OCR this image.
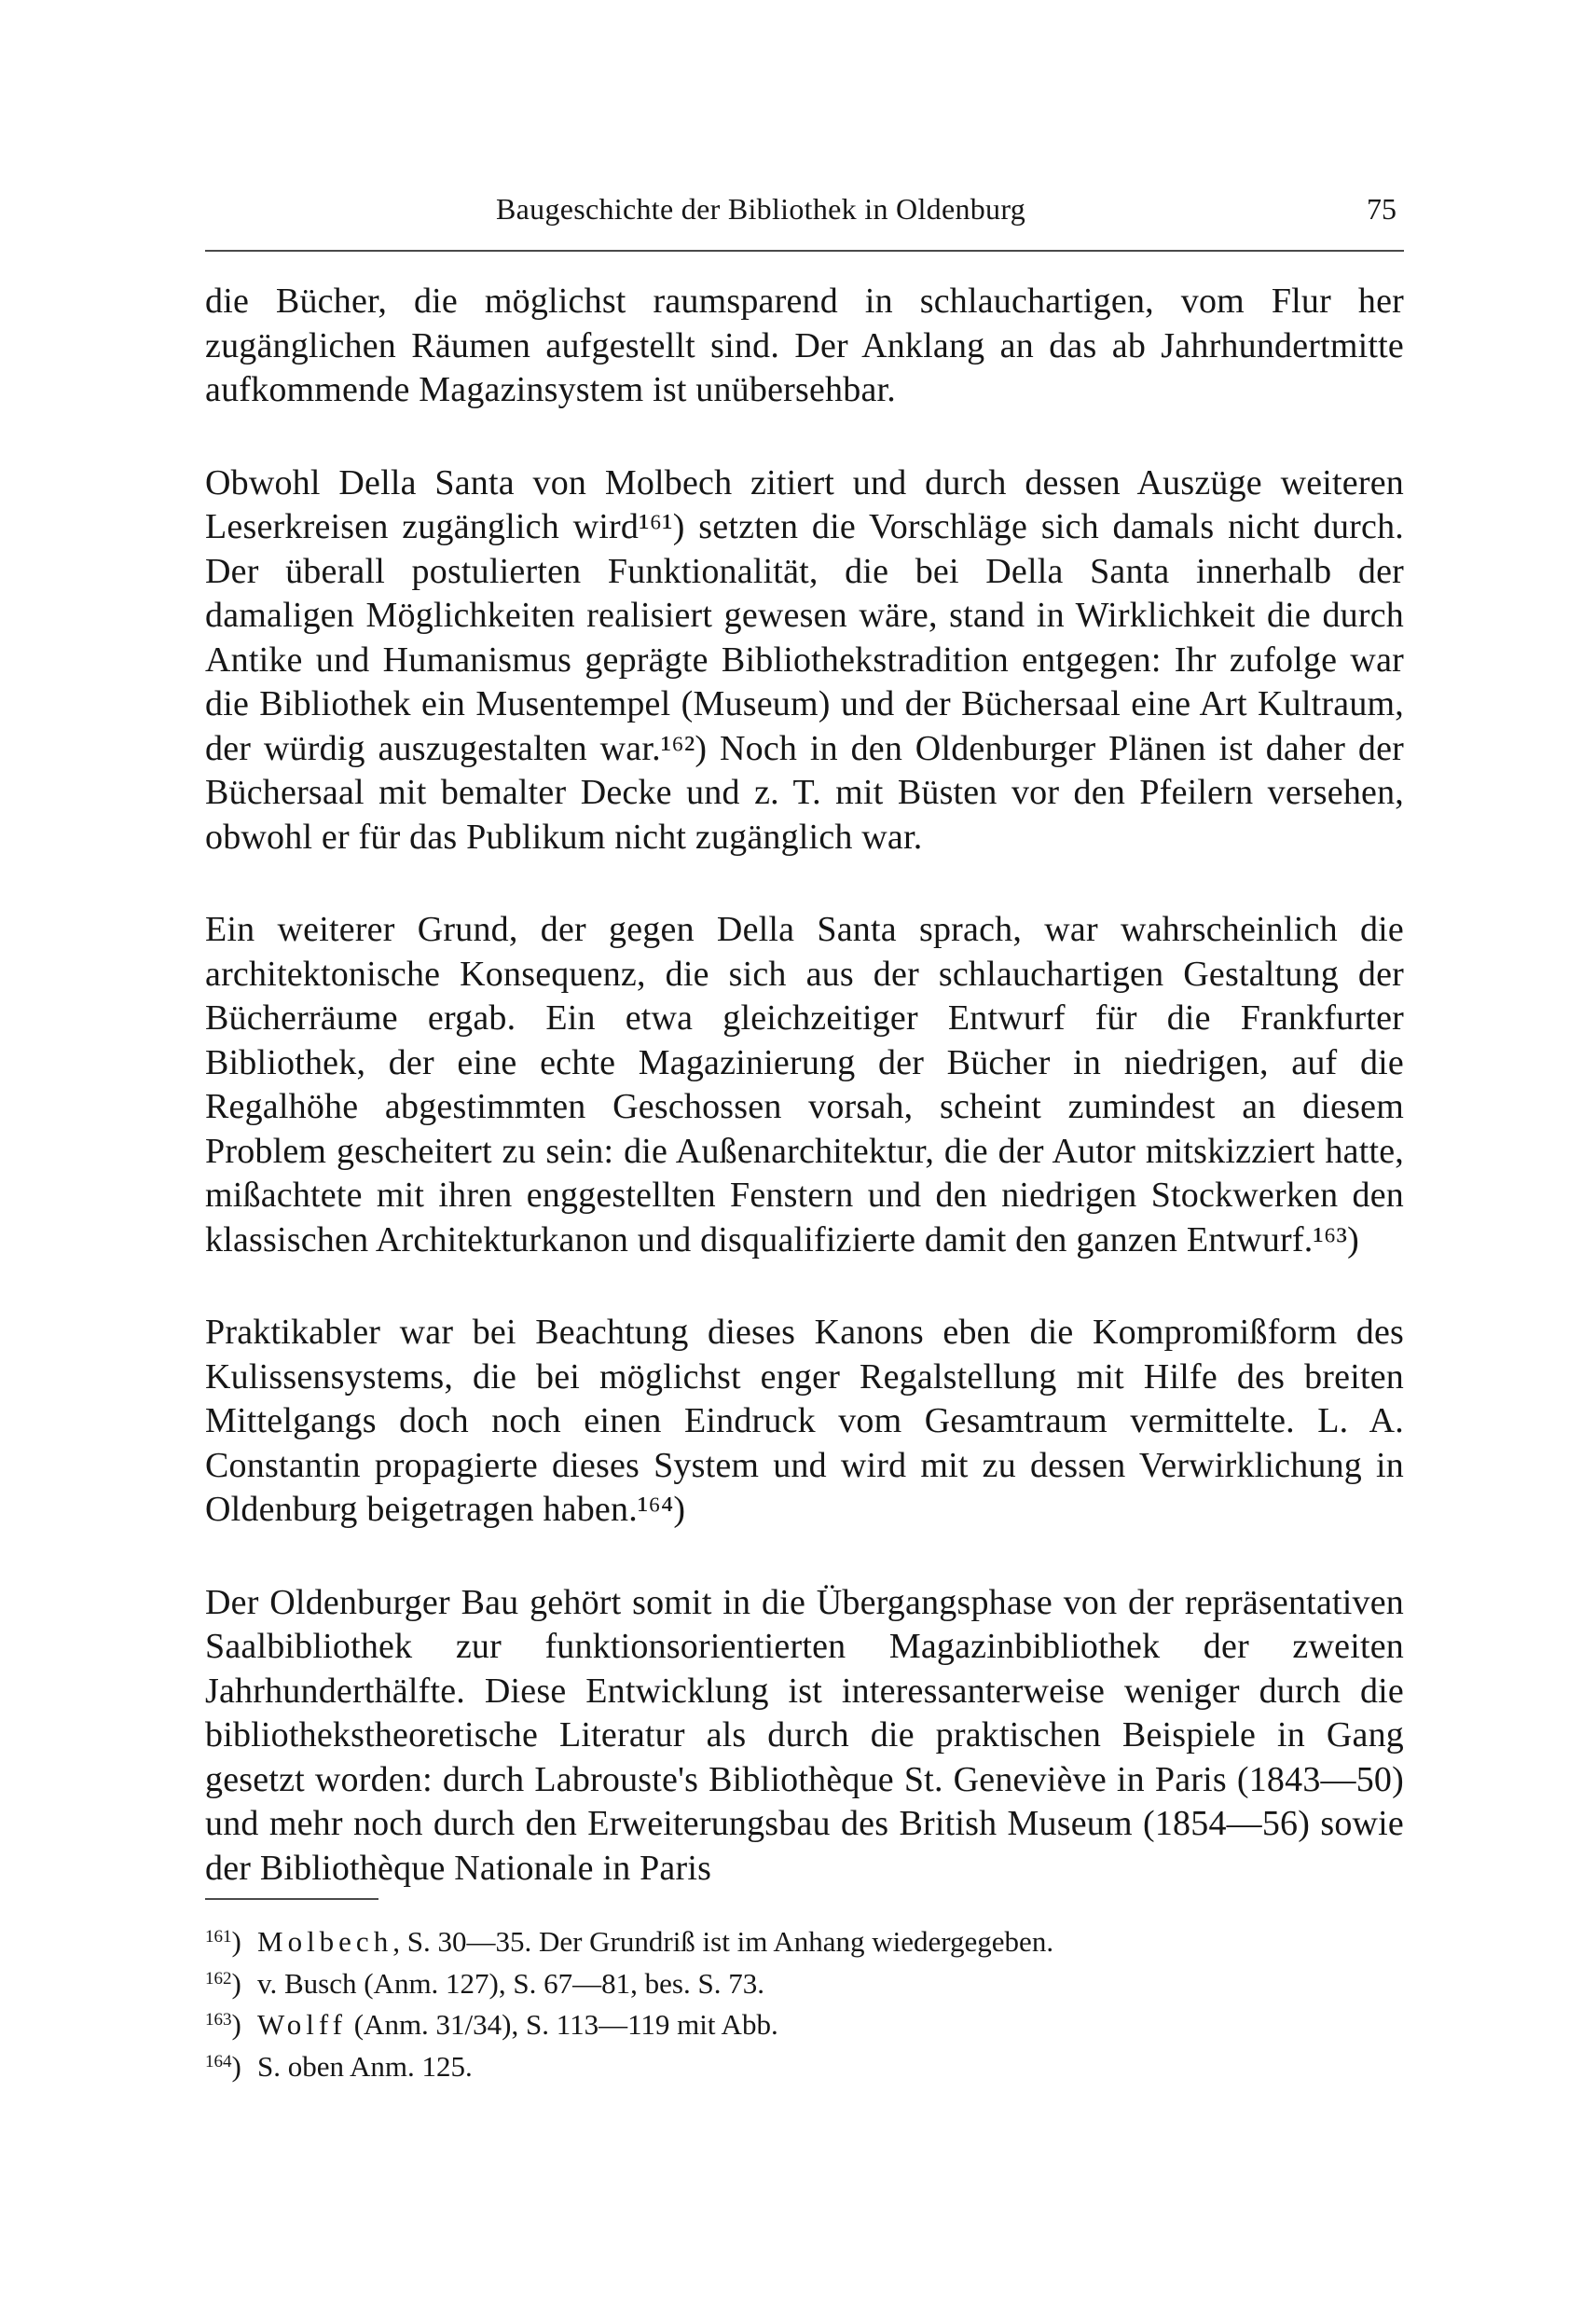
Baugeschichte der Bibliothek in Oldenburg	75

die Bücher, die möglichst raumsparend in schlauchartigen, vom Flur her zugänglichen Räumen aufgestellt sind. Der Anklang an das ab Jahrhundertmitte aufkommende Magazinsystem ist unübersehbar.

Obwohl Della Santa von Molbech zitiert und durch dessen Auszüge weiteren Leserkreisen zugänglich wird¹⁶¹) setzten die Vorschläge sich damals nicht durch. Der überall postulierten Funktionalität, die bei Della Santa innerhalb der damaligen Möglichkeiten realisiert gewesen wäre, stand in Wirklichkeit die durch Antike und Humanismus geprägte Bibliothekstradition entgegen: Ihr zufolge war die Bibliothek ein Musentempel (Museum) und der Büchersaal eine Art Kultraum, der würdig auszugestalten war.¹⁶²) Noch in den Oldenburger Plänen ist daher der Büchersaal mit bemalter Decke und z. T. mit Büsten vor den Pfeilern versehen, obwohl er für das Publikum nicht zugänglich war.

Ein weiterer Grund, der gegen Della Santa sprach, war wahrscheinlich die architektonische Konsequenz, die sich aus der schlauchartigen Gestaltung der Bücherräume ergab. Ein etwa gleichzeitiger Entwurf für die Frankfurter Bibliothek, der eine echte Magazinierung der Bücher in niedrigen, auf die Regalhöhe abgestimmten Geschossen vorsah, scheint zumindest an diesem Problem gescheitert zu sein: die Außenarchitektur, die der Autor mitskizziert hatte, mißachtete mit ihren enggestellten Fenstern und den niedrigen Stockwerken den klassischen Architekturkanon und disqualifizierte damit den ganzen Entwurf.¹⁶³)

Praktikabler war bei Beachtung dieses Kanons eben die Kompromißform des Kulissensystems, die bei möglichst enger Regalstellung mit Hilfe des breiten Mittelgangs doch noch einen Eindruck vom Gesamtraum vermittelte. L. A. Constantin propagierte dieses System und wird mit zu dessen Verwirklichung in Oldenburg beigetragen haben.¹⁶⁴)

Der Oldenburger Bau gehört somit in die Übergangsphase von der repräsentativen Saalbibliothek zur funktionsorientierten Magazinbibliothek der zweiten Jahrhunderthälfte. Diese Entwicklung ist interessanterweise weniger durch die bibliothekstheoretische Literatur als durch die praktischen Beispiele in Gang gesetzt worden: durch Labrouste's Bibliothèque St. Geneviève in Paris (1843—50) und mehr noch durch den Erweiterungsbau des British Museum (1854—56) sowie der Bibliothèque Nationale in Paris

$^{161}$) Molbech, S. 30—35. Der Grundriß ist im Anhang wiedergegeben.
$^{162}$) v. Busch (Anm. 127), S. 67—81, bes. S. 73.
$^{163}$) Wolff (Anm. 31/34), S. 113—119 mit Abb.
$^{164}$) S. oben Anm. 125.
